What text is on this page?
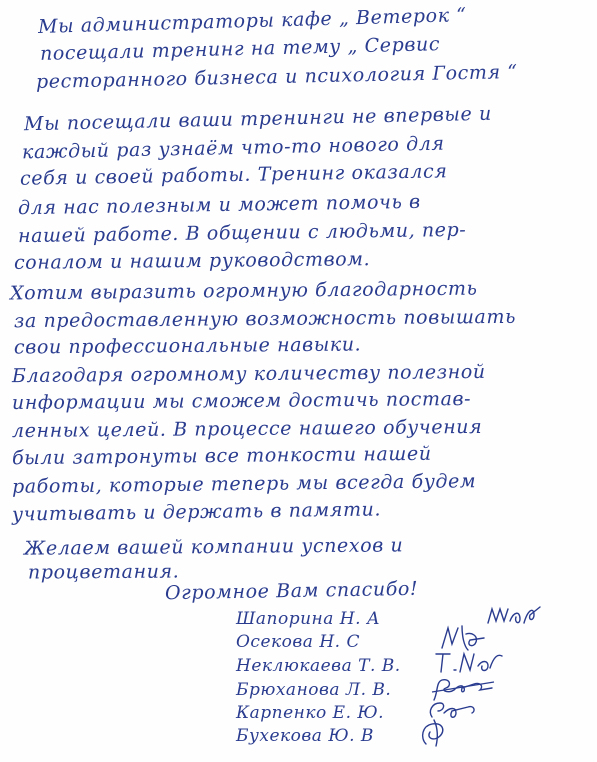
Мы администраторы кафе „ Ветерок “
посещали тренинг на тему „ Сервис
ресторанного бизнеса и психология Гостя “
Мы посещали ваши тренинги не впервые и
каждый раз узнаём что-то нового для
себя и своей работы. Тренинг оказался
для нас полезным и может помочь в
нашей работе. В общении с людьми, пер-
соналом и нашим руководством.
Хотим выразить огромную благодарность
за предоставленную возможность повышать
свои профессиональные навыки.
Благодаря огромному количеству полезной
информации мы сможем достичь постав-
ленных целей. В процессе нашего обучения
были затронуты все тонкости нашей
работы, которые теперь мы всегда будем
учитывать и держать в памяти.
Желаем вашей компании успехов и
процветания.
Огромное Вам спасибо!
Шапорина Н. А
Осекова Н. С
Неклюкаева Т. В.
Брюханова Л. В.
Карпенко Е. Ю.
Бухекова Ю. В
